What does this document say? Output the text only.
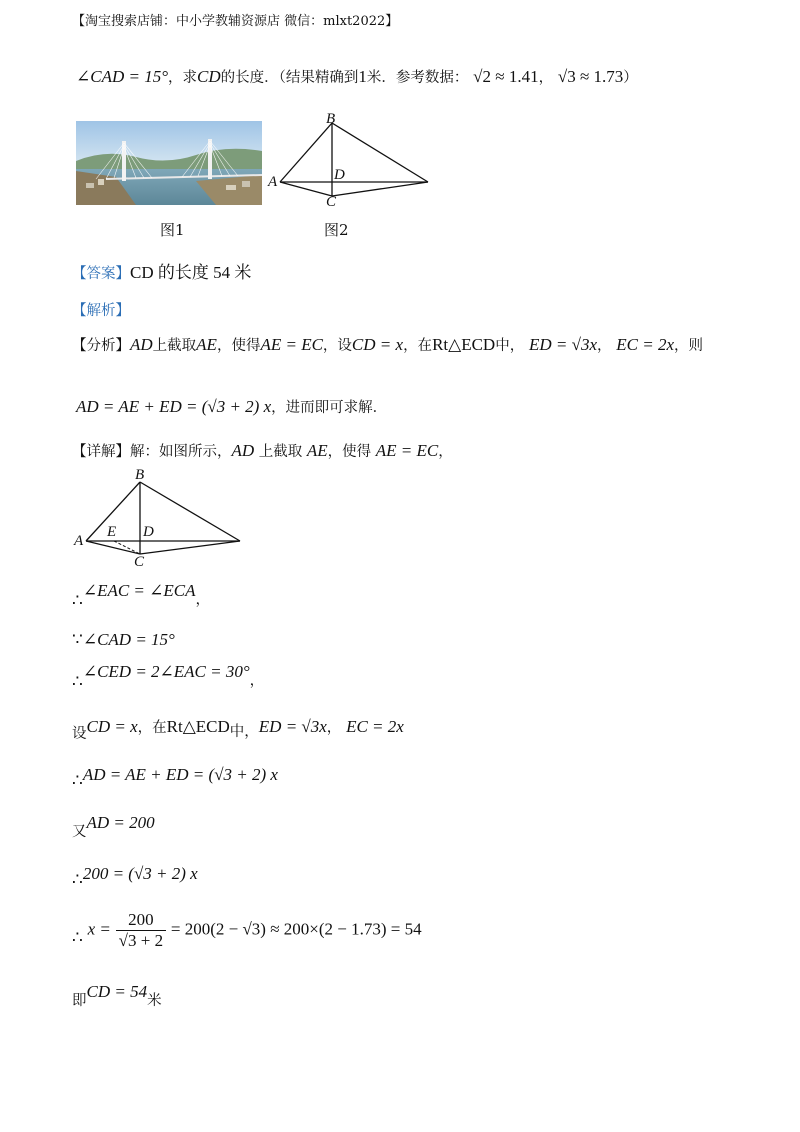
【淘宝搜索店铺：中小学教辅资源店 微信：mlxt2022】
∠CAD = 15°，求CD的长度．（结果精确到1米．参考数据： √2 ≈ 1.41， √3 ≈ 1.73）
B
A	D
C
图1	图2
【答案】CD 的长度 54 米
【解析】
【分析】AD上截取AE，使得AE = EC，设CD = x，在Rt△ECD中， ED = √3x， EC = 2x，则
AD = AE + ED = (√3 + 2) x，进而即可求解．
【详解】解：如图所示，AD 上截取 AE，使得 AE = EC，
B
A
E D
C
∴∠EAC = ∠ECA，
∵∠CAD = 15°
∴∠CED = 2∠EAC = 30°，
设CD = x，在Rt△ECD中，ED = √3x， EC = 2x
∴AD = AE + ED = (√3 + 2) x
又AD = 200
∴200 = (√3 + 2) x
∴ $x = \frac{200}{√3 + 2} = 200(2 - √3) \approx 200\times(2 - 1.73) = 54$
即CD = 54米
